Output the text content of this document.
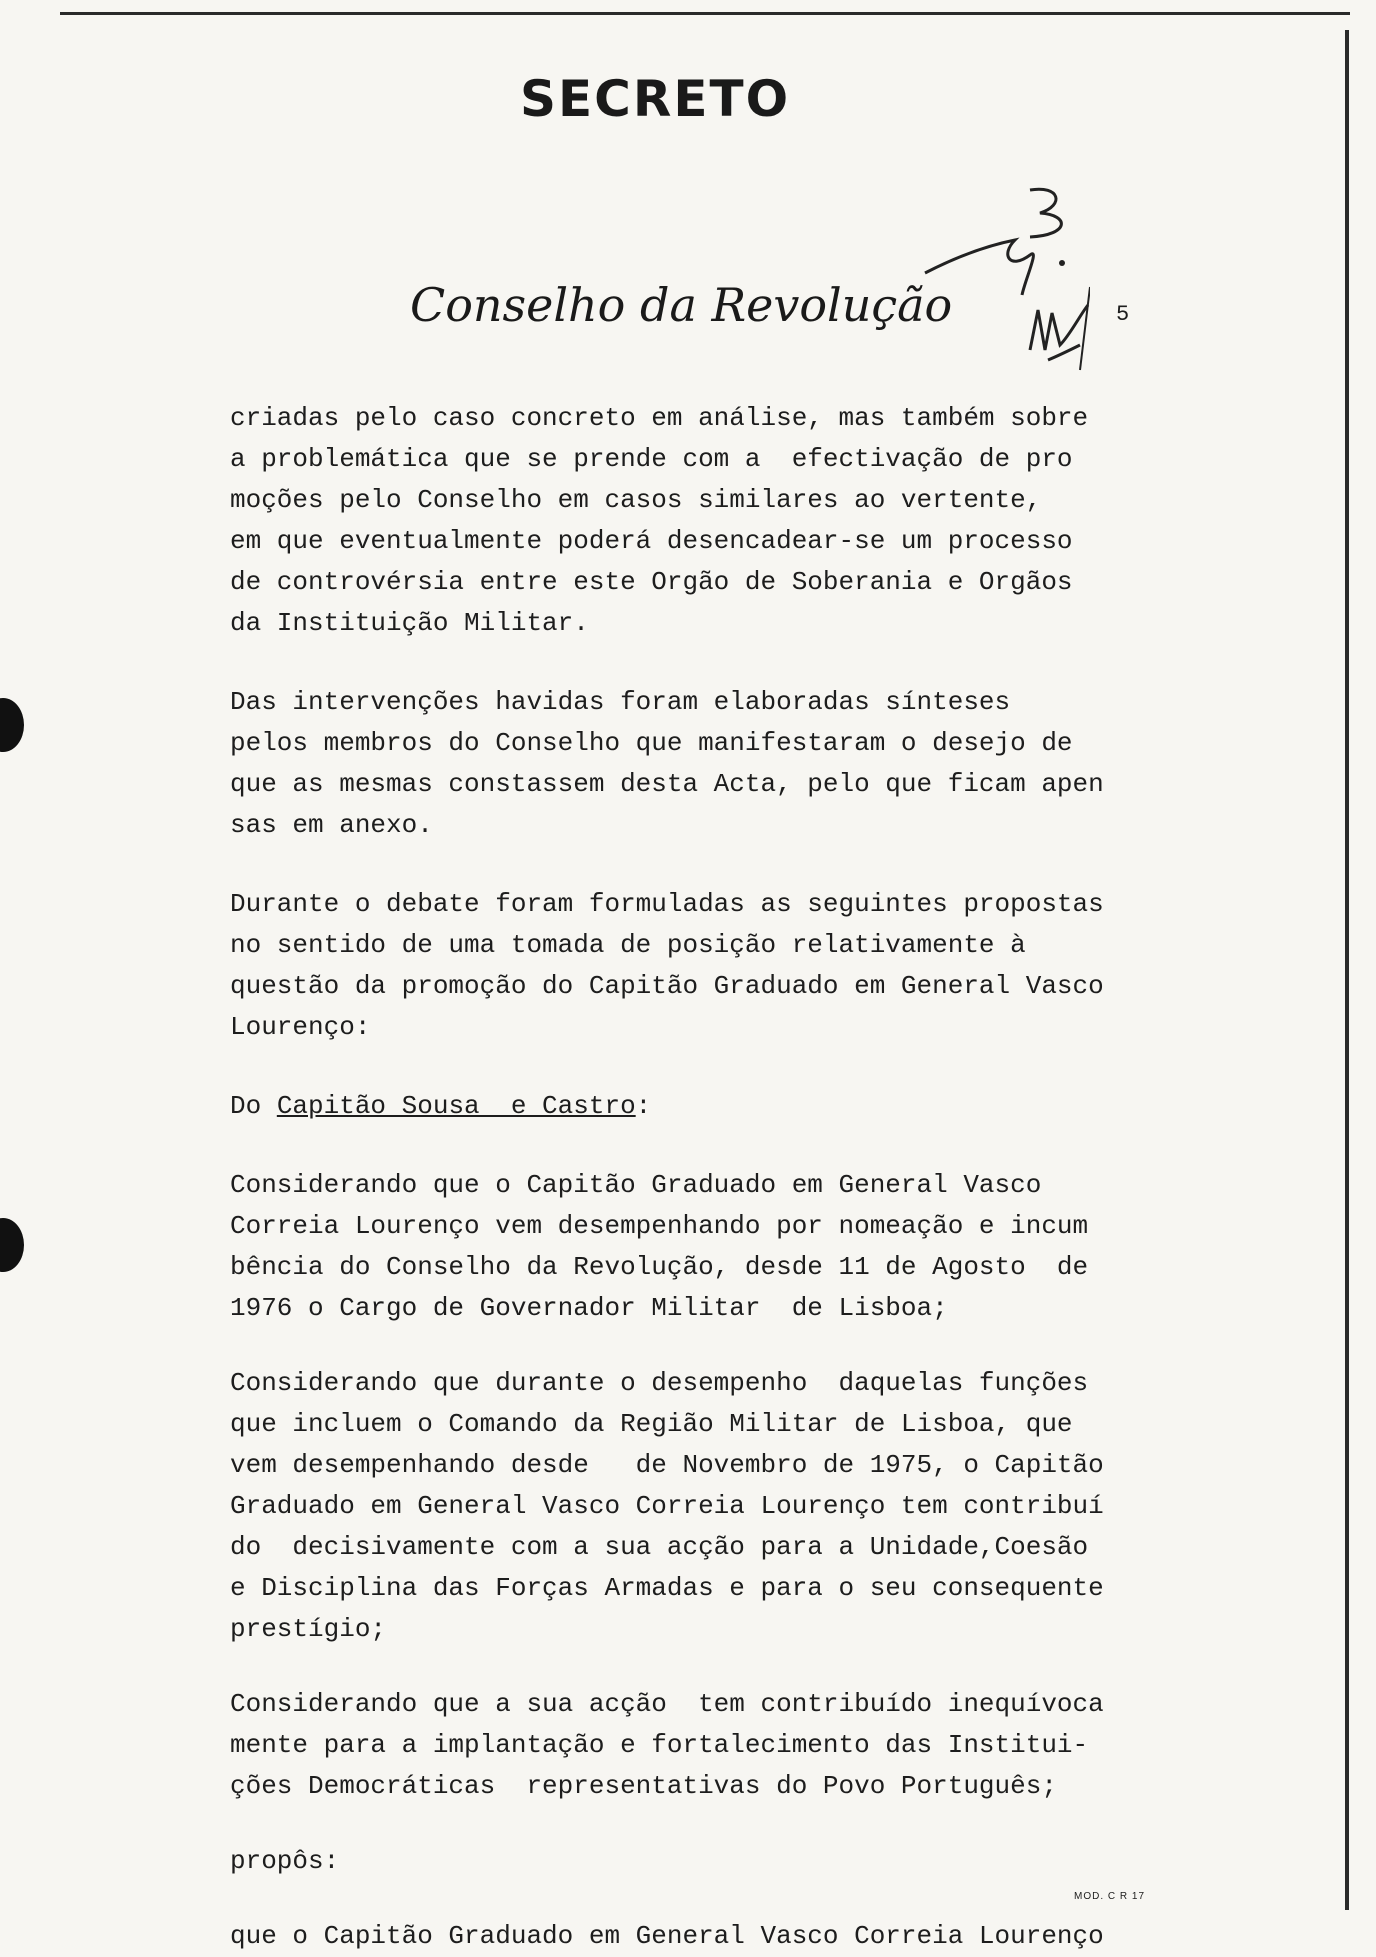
SECRETO
Conselho da Revolução	5

criadas pelo caso concreto em análise, mas também sobre
a problemática que se prende com a  efectivação de pro
moções pelo Conselho em casos similares ao vertente,
em que eventualmente poderá desencadear-se um processo
de controvérsia entre este Orgão de Soberania e Orgãos
da Instituição Militar.

Das intervenções havidas foram elaboradas sínteses
pelos membros do Conselho que manifestaram o desejo de
que as mesmas constassem desta Acta, pelo que ficam apen
sas em anexo.

Durante o debate foram formuladas as seguintes propostas
no sentido de uma tomada de posição relativamente à
questão da promoção do Capitão Graduado em General Vasco
Lourenço:

Do Capitão Sousa  e Castro:

Considerando que o Capitão Graduado em General Vasco
Correia Lourenço vem desempenhando por nomeação e incum
bência do Conselho da Revolução, desde 11 de Agosto  de
1976 o Cargo de Governador Militar  de Lisboa;

Considerando que durante o desempenho  daquelas funções
que incluem o Comando da Região Militar de Lisboa, que
vem desempenhando desde   de Novembro de 1975, o Capitão
Graduado em General Vasco Correia Lourenço tem contribuí
do  decisivamente com a sua acção para a Unidade,Coesão
e Disciplina das Forças Armadas e para o seu consequente
prestígio;

Considerando que a sua acção  tem contribuído inequívoca
mente para a implantação e fortalecimento das Institui-
ções Democráticas  representativas do Povo Português;

propôs:

que o Capitão Graduado em General Vasco Correia Lourenço

MOD. C R 17
